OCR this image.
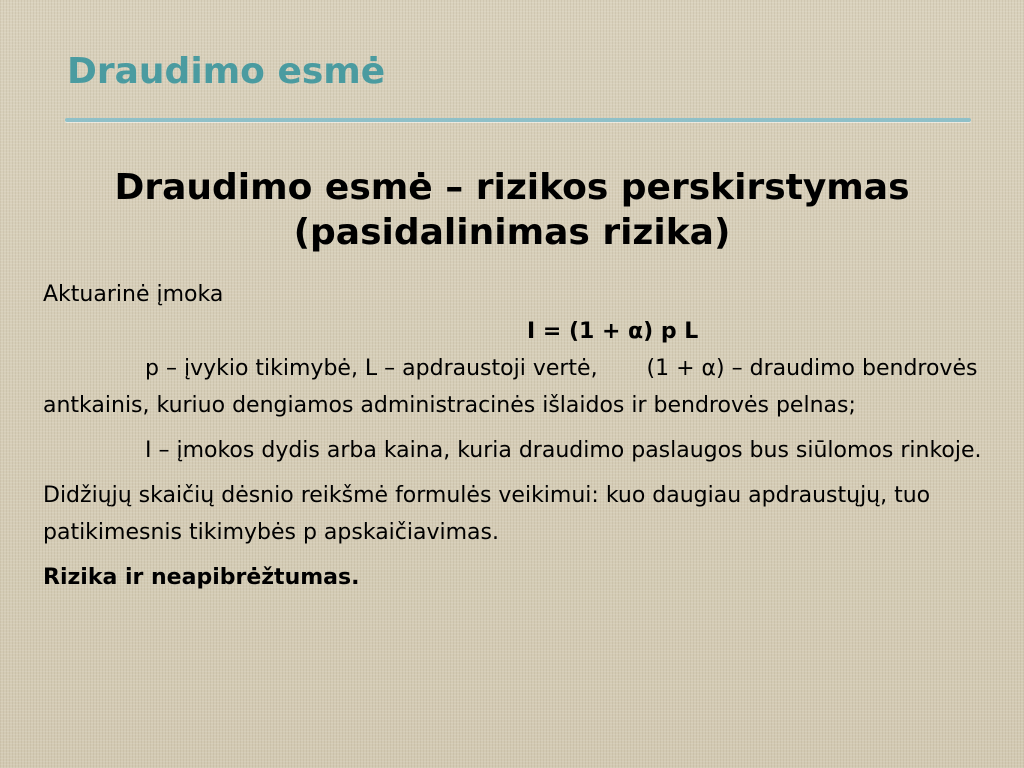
Draudimo esmė
Draudimo esmė – rizikos perskirstymas
(pasidalinimas rizika)

Aktuarinė įmoka

I = (1 + α) p L

p – įvykio tikimybė, L – apdraustoji vertė,       (1 + α) – draudimo bendrovės antkainis, kuriuo dengiamos administracinės išlaidos ir bendrovės pelnas;

I – įmokos dydis arba kaina, kuria draudimo paslaugos bus siūlomos rinkoje.

Didžiųjų skaičių dėsnio reikšmė formulės veikimui: kuo daugiau apdraustųjų, tuo patikimesnis tikimybės p apskaičiavimas.

Rizika ir neapibrėžtumas.
